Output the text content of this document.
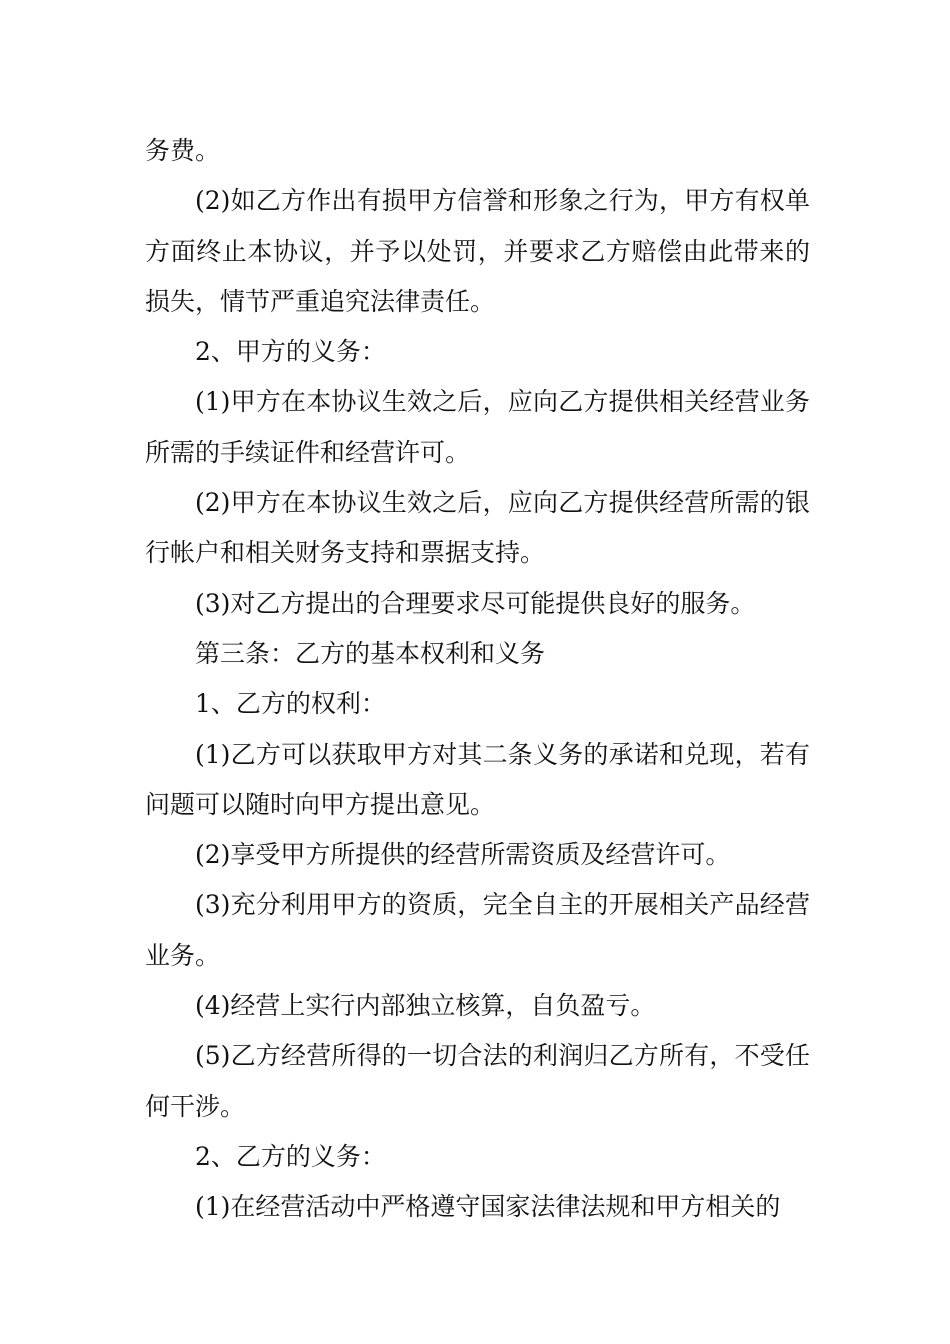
务费。

(2)如乙方作出有损甲方信誉和形象之行为，甲方有权单方面终止本协议，并予以处罚，并要求乙方赔偿由此带来的损失，情节严重追究法律责任。

2、甲方的义务：

(1)甲方在本协议生效之后，应向乙方提供相关经营业务所需的手续证件和经营许可。

(2)甲方在本协议生效之后，应向乙方提供经营所需的银行帐户和相关财务支持和票据支持。

(3)对乙方提出的合理要求尽可能提供良好的服务。

第三条：乙方的基本权利和义务

1、乙方的权利：

(1)乙方可以获取甲方对其二条义务的承诺和兑现，若有问题可以随时向甲方提出意见。

(2)享受甲方所提供的经营所需资质及经营许可。

(3)充分利用甲方的资质，完全自主的开展相关产品经营业务。

(4)经营上实行内部独立核算，自负盈亏。

(5)乙方经营所得的一切合法的利润归乙方所有，不受任何干涉。

2、乙方的义务：

(1)在经营活动中严格遵守国家法律法规和甲方相关的
